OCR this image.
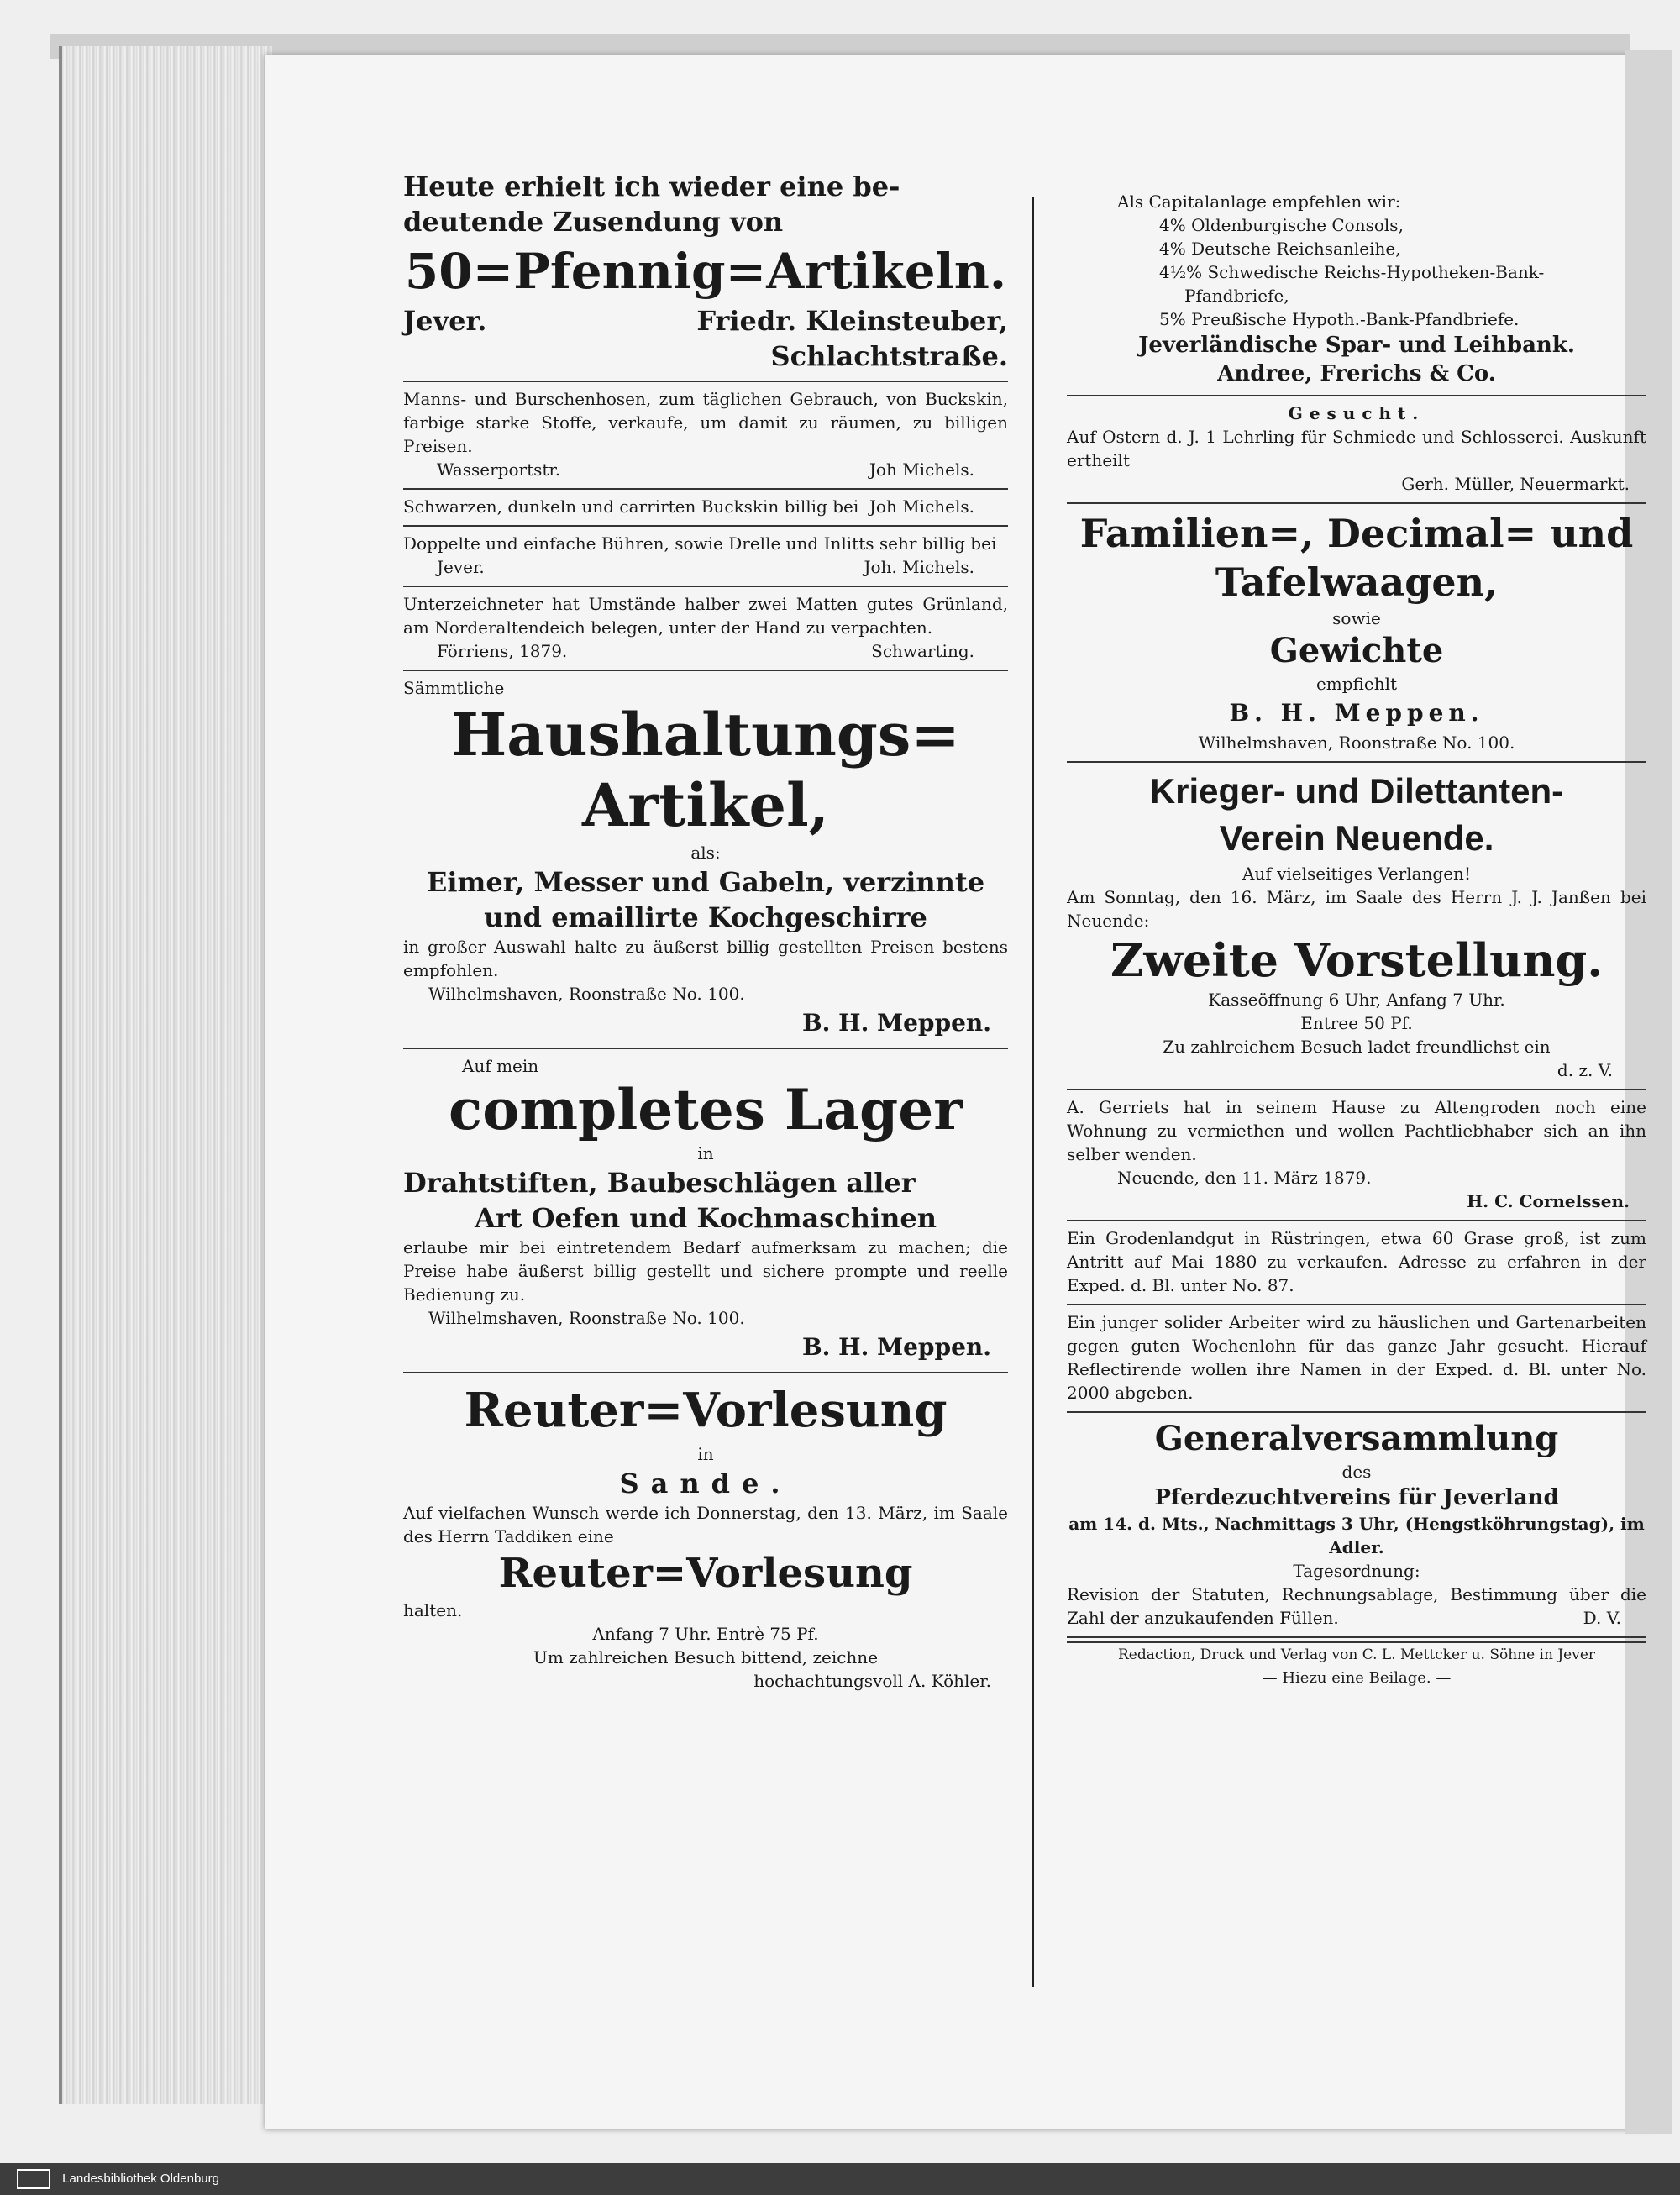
Heute erhielt ich wieder eine be-
deutende Zusendung von
50=Pfennig=Artikeln.
Jever.	Friedr. Kleinsteuber,
Schlachtstraße.
Manns- und Burschenhosen, zum täglichen Gebrauch, von Buckskin, farbige starke Stoffe, verkaufe, um damit zu räumen, zu billigen Preisen.
Wasserportstr.	Joh Michels.
Schwarzen, dunkeln und carrirten Buckskin billig bei Joh Michels.
Doppelte und einfache Bühren, sowie Drelle und Inlitts sehr billig bei
Jever.	Joh. Michels.
Unterzeichneter hat Umstände halber zwei Matten gutes Grünland, am Norderaltendeich belegen, unter der Hand zu verpachten.
Förriens, 1879.	Schwarting.
Sämmtliche
Haushaltungs=
Artikel,
als:
Eimer, Messer und Gabeln, verzinnte
und emaillirte Kochgeschirre
in großer Auswahl halte zu äußerst billig gestellten Preisen bestens empfohlen.
Wilhelmshaven, Roonstraße No. 100.
B. H. Meppen.
Auf mein
completes Lager
in
Drahtstiften, Baubeschlägen aller
Art Oefen und Kochmaschinen
erlaube mir bei eintretendem Bedarf aufmerksam zu machen; die Preise habe äußerst billig gestellt und sichere prompte und reelle Bedienung zu.
Wilhelmshaven, Roonstraße No. 100.
B. H. Meppen.
Reuter=Vorlesung
in
Sande.
Auf vielfachen Wunsch werde ich Donnerstag, den 13. März, im Saale des Herrn Taddiken eine
Reuter=Vorlesung
halten.
Anfang 7 Uhr. Entrè 75 Pf.
Um zahlreichen Besuch bittend, zeichne
hochachtungsvoll A. Köhler.
Als Capitalanlage empfehlen wir:
4% Oldenburgische Consols,
4% Deutsche Reichsanleihe,
4½% Schwedische Reichs-Hypotheken-Bank-
Pfandbriefe,
5% Preußische Hypoth.-Bank-Pfandbriefe.
Jeverländische Spar- und Leihbank.
Andree, Frerichs & Co.
Gesucht.
Auf Ostern d. J. 1 Lehrling für Schmiede und Schlosserei. Auskunft ertheilt
Gerh. Müller, Neuermarkt.
Familien=, Decimal= und
Tafelwaagen,
sowie
Gewichte
empfiehlt
B. H. Meppen.
Wilhelmshaven, Roonstraße No. 100.
Krieger- und Dilettanten-
Verein Neuende.
Auf vielseitiges Verlangen!
Am Sonntag, den 16. März, im Saale des Herrn J. J. Janßen bei Neuende:
Zweite Vorstellung.
Kasseöffnung 6 Uhr, Anfang 7 Uhr.
Entree 50 Pf.
Zu zahlreichem Besuch ladet freundlichst ein
d. z. V.
A. Gerriets hat in seinem Hause zu Altengroden noch eine Wohnung zu vermiethen und wollen Pachtliebhaber sich an ihn selber wenden.
Neuende, den 11. März 1879.
H. C. Cornelssen.
Ein Grodenlandgut in Rüstringen, etwa 60 Grase groß, ist zum Antritt auf Mai 1880 zu verkaufen. Adresse zu erfahren in der Exped. d. Bl. unter No. 87.
Ein junger solider Arbeiter wird zu häuslichen und Gartenarbeiten gegen guten Wochenlohn für das ganze Jahr gesucht. Hierauf Reflectirende wollen ihre Namen in der Exped. d. Bl. unter No. 2000 abgeben.
Generalversammlung
des
Pferdezuchtvereins für Jeverland
am 14. d. Mts., Nachmittags 3 Uhr, (Hengstköhrungstag), im Adler.
Tagesordnung:
Revision der Statuten, Rechnungsablage, Bestimmung über die Zahl der anzukaufenden Füllen.	D. V.
Redaction, Druck und Verlag von C. L. Mettcker u. Söhne in Jever
— Hiezu eine Beilage. —
Landesbibliothek Oldenburg
